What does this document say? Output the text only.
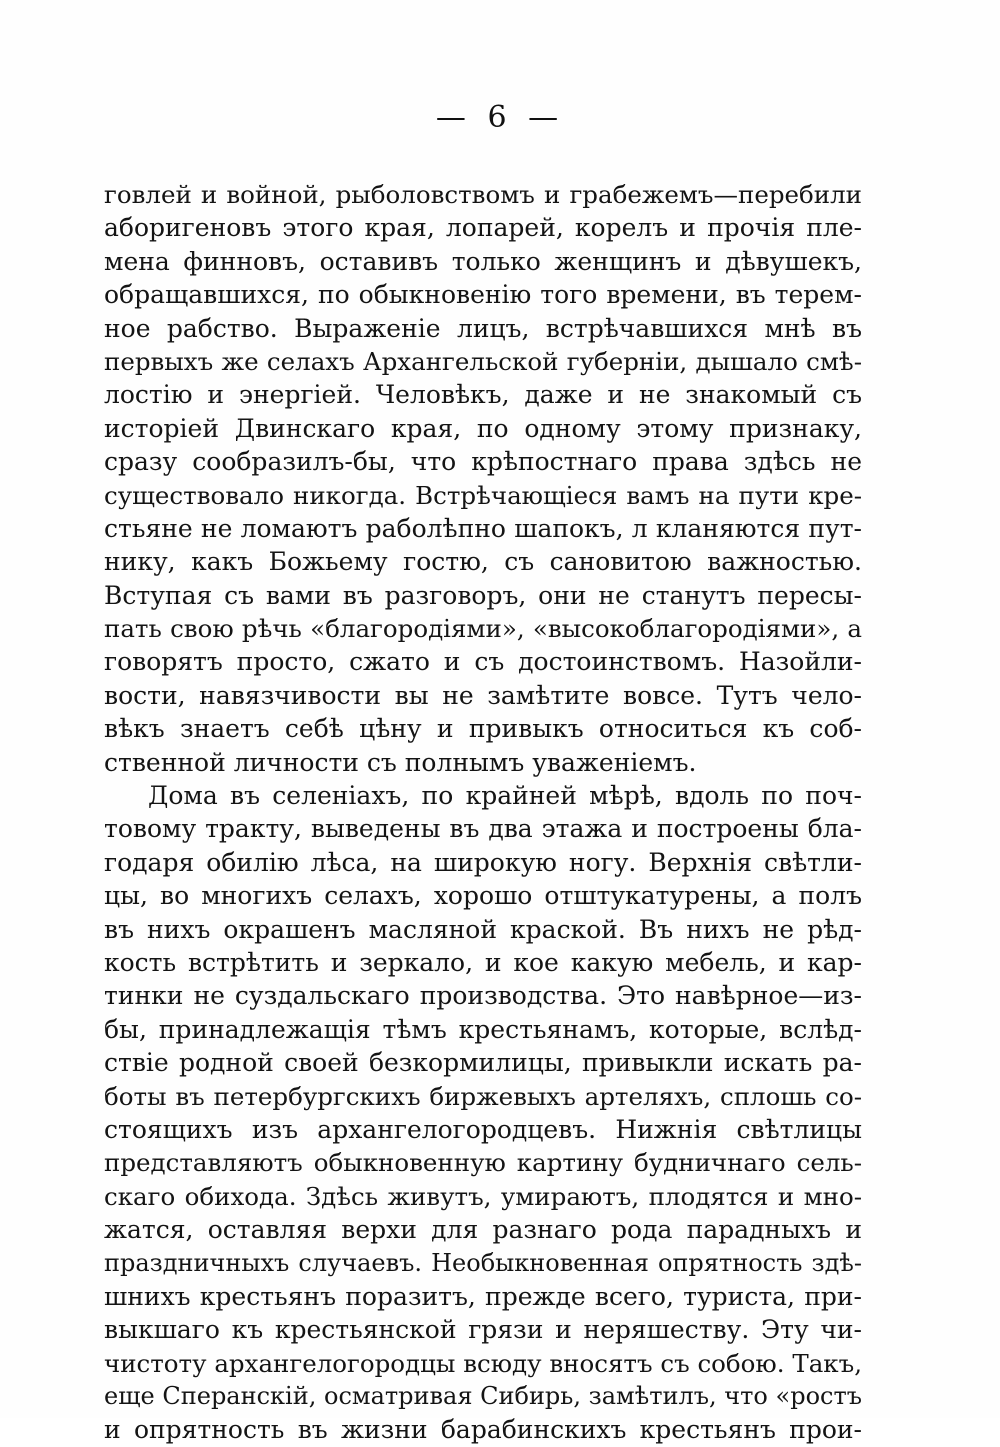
— 6 —
говлей и войной, рыболовствомъ и грабежемъ—перебили
аборигеновъ этого края, лопарей, корелъ и прочія пле-
мена финновъ, оставивъ только женщинъ и дѣвушекъ,
обращавшихся, по обыкновенію того времени, въ терем-
ное рабство. Выраженіе лицъ, встрѣчавшихся мнѣ въ
первыхъ же селахъ Архангельской губерніи, дышало смѣ-
лостію и энергіей. Человѣкъ, даже и не знакомый съ
исторіей Двинскаго края, по одному этому признаку,
сразу сообразилъ-бы, что крѣпостнаго права здѣсь не
существовало никогда. Встрѣчающіеся вамъ на пути кре-
стьяне не ломаютъ раболѣпно шапокъ, л кланяются пут-
нику, какъ Божьему гостю, съ сановитою важностью.
Вступая съ вами въ разговоръ, они не станутъ пересы-
пать свою рѣчь «благородіями», «высокоблагородіями», а
говорятъ просто, сжато и съ достоинствомъ. Назойли-
вости, навязчивости вы не замѣтите вовсе. Тутъ чело-
вѣкъ знаетъ себѣ цѣну и привыкъ относиться къ соб-
ственной личности съ полнымъ уваженіемъ.
Дома въ селеніахъ, по крайней мѣрѣ, вдоль по поч-
товому тракту, выведены въ два этажа и построены бла-
годаря обилію лѣса, на широкую ногу. Верхнія свѣтли-
цы, во многихъ селахъ, хорошо отштукатурены, а полъ
въ нихъ окрашенъ масляной краской. Въ нихъ не рѣд-
кость встрѣтить и зеркало, и кое какую мебель, и кар-
тинки не суздальскаго производства. Это навѣрное—из-
бы, принадлежащія тѣмъ крестьянамъ, которые, вслѣд-
ствіе родной своей безкормилицы, привыкли искать ра-
боты въ петербургскихъ биржевыхъ артеляхъ, сплошь со-
стоящихъ изъ архангелогородцевъ. Нижнія свѣтлицы
представляютъ обыкновенную картину будничнаго сель-
скаго обихода. Здѣсь живутъ, умираютъ, плодятся и мно-
жатся, оставляя верхи для разнаго рода парадныхъ и
праздничныхъ случаевъ. Необыкновенная опрятность здѣ-
шнихъ крестьянъ поразитъ, прежде всего, туриста, при-
выкшаго къ крестьянской грязи и неряшеству. Эту чи-
чистоту архангелогородцы всюду вносятъ съ собою. Такъ,
еще Сперанскій, осматривая Сибирь, замѣтилъ, что «ростъ
и опрятность въ жизни барабинскихъ крестьянъ прои-
